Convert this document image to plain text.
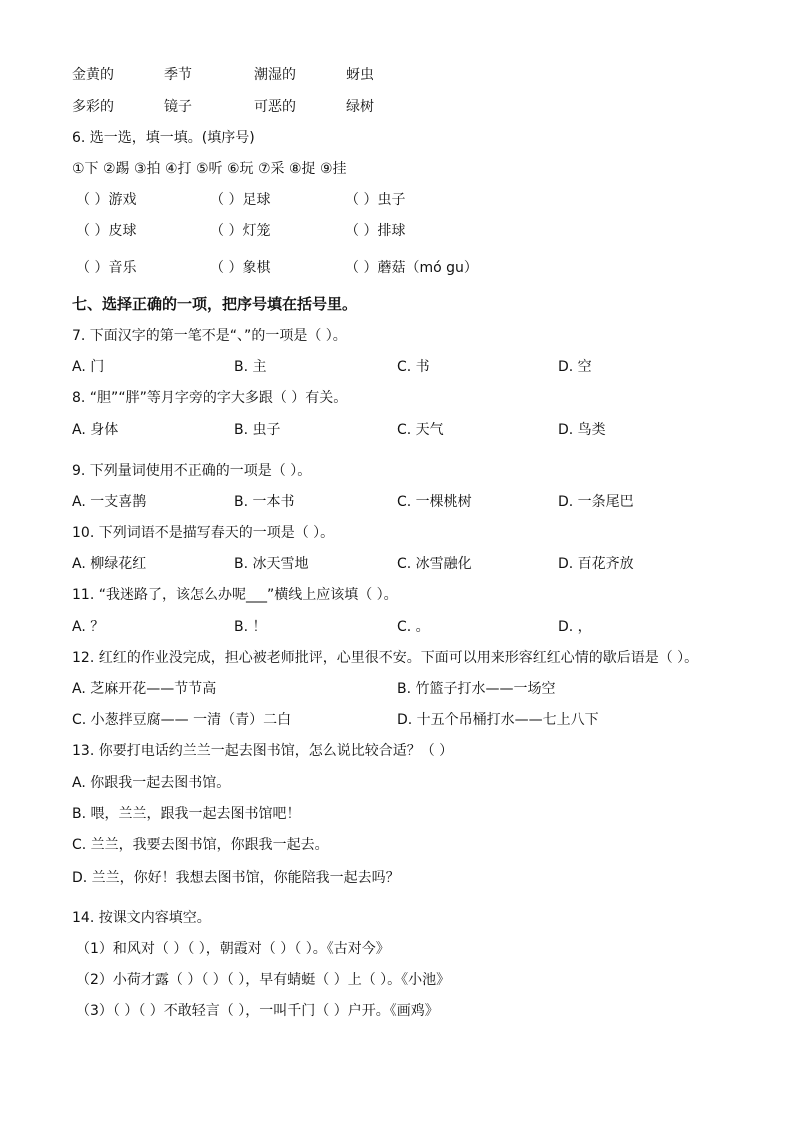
金黄的	季节	潮湿的	蚜虫
多彩的	镜子	可恶的	绿树
6. 选一选，填一填。(填序号)
①下 ②踢 ③拍 ④打 ⑤听 ⑥玩 ⑦采 ⑧捉 ⑨挂
（ ）游戏	（ ）足球	（ ）虫子
（ ）皮球	（ ）灯笼	（ ）排球
（ ）音乐	（ ）象棋	（ ）蘑菇（mó gu）
七、选择正确的一项，把序号填在括号里。
7. 下面汉字的第一笔不是“、”的一项是（ ）。
A. 门	B. 主	C. 书	D. 空
8. “胆”“胖”等月字旁的字大多跟（ ）有关。
A. 身体	B. 虫子	C. 天气	D. 鸟类
9. 下列量词使用不正确的一项是（ ）。
A. 一支喜鹊	B. 一本书	C. 一棵桃树	D. 一条尾巴
10. 下列词语不是描写春天的一项是（ ）。
A. 柳绿花红	B. 冰天雪地	C. 冰雪融化	D. 百花齐放
11. “我迷路了，该怎么办呢___”横线上应该填（ ）。
A. ？	B. ！	C. 。	D. ，
12. 红红的作业没完成，担心被老师批评，心里很不安。下面可以用来形容红红心情的歇后语是（ ）。
A. 芝麻开花——节节高	B. 竹篮子打水——一场空
C. 小葱拌豆腐—— 一清（青）二白	D. 十五个吊桶打水——七上八下
13. 你要打电话约兰兰一起去图书馆，怎么说比较合适？（ ）
A. 你跟我一起去图书馆。
B. 喂，兰兰，跟我一起去图书馆吧！
C. 兰兰，我要去图书馆，你跟我一起去。
D. 兰兰，你好！我想去图书馆，你能陪我一起去吗？
14. 按课文内容填空。
（1）和风对（ ）（ ），朝霞对（ ）（ ）。《古对今》
（2）小荷才露（ ）（ ）（ ），早有蜻蜓（ ）上（ ）。《小池》
（3）（ ）（ ）不敢轻言（ ），一叫千门（ ）户开。《画鸡》
